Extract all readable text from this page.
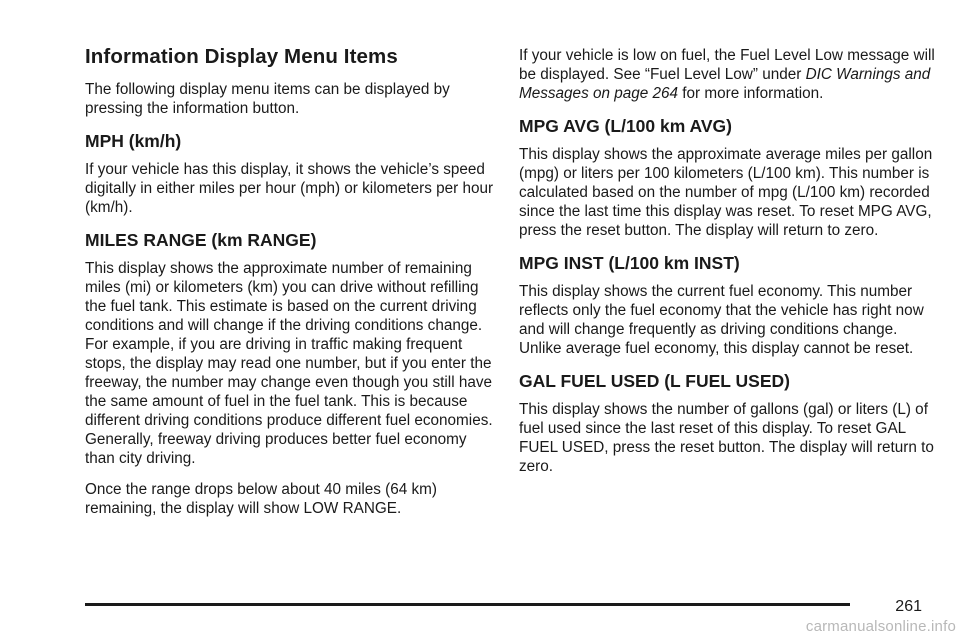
Information Display Menu Items

The following display menu items can be displayed by pressing the information button.

MPH (km/h)

If your vehicle has this display, it shows the vehicle’s speed digitally in either miles per hour (mph) or kilometers per hour (km/h).

MILES RANGE (km RANGE)

This display shows the approximate number of remaining miles (mi) or kilometers (km) you can drive without refilling the fuel tank. This estimate is based on the current driving conditions and will change if the driving conditions change. For example, if you are driving in traffic making frequent stops, the display may read one number, but if you enter the freeway, the number may change even though you still have the same amount of fuel in the fuel tank. This is because different driving conditions produce different fuel economies. Generally, freeway driving produces better fuel economy than city driving.

Once the range drops below about 40 miles (64 km) remaining, the display will show LOW RANGE.

If your vehicle is low on fuel, the Fuel Level Low message will be displayed. See “Fuel Level Low” under DIC Warnings and Messages on page 264 for more information.

MPG AVG (L/100 km AVG)

This display shows the approximate average miles per gallon (mpg) or liters per 100 kilometers (L/100 km). This number is calculated based on the number of mpg (L/100 km) recorded since the last time this display was reset. To reset MPG AVG, press the reset button. The display will return to zero.

MPG INST (L/100 km INST)

This display shows the current fuel economy. This number reflects only the fuel economy that the vehicle has right now and will change frequently as driving conditions change. Unlike average fuel economy, this display cannot be reset.

GAL FUEL USED (L FUEL USED)

This display shows the number of gallons (gal) or liters (L) of fuel used since the last reset of this display. To reset GAL FUEL USED, press the reset button. The display will return to zero.

261
carmanualsonline.info
